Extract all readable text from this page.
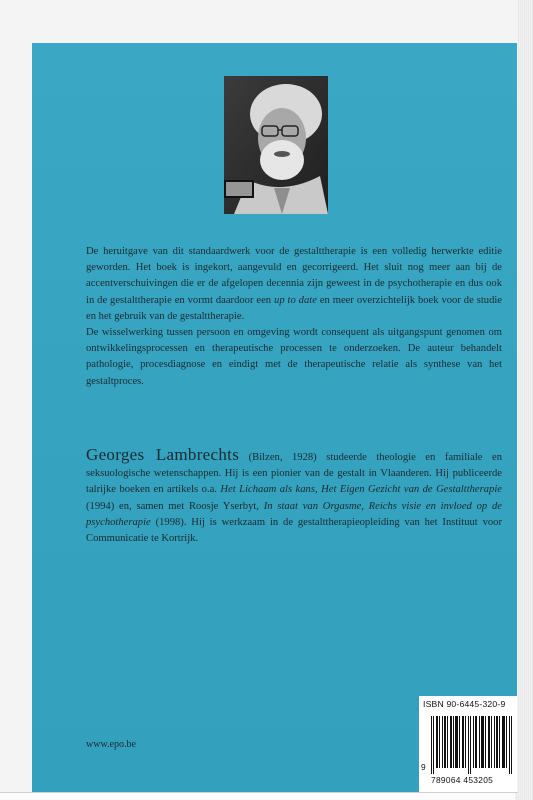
De heruitgave van dit standaardwerk voor de gestalttherapie is een volledig herwerkte editie geworden. Het boek is ingekort, aangevuld en gecorrigeerd. Het sluit nog meer aan bij de accentverschuivingen die er de afgelopen decennia zijn geweest in de psychotherapie en dus ook in de gestalttherapie en vormt daardoor een up to date en meer overzichtelijk boek voor de studie en het gebruik van de gestalttherapie.

De wisselwerking tussen persoon en omgeving wordt consequent als uitgangspunt genomen om ontwikkelingsprocessen en therapeutische processen te onderzoeken. De auteur behandelt pathologie, procesdiagnose en eindigt met de therapeutische relatie als synthese van het gestaltproces.

Georges Lambrechts (Bilzen, 1928) studeerde theologie en familiale en seksuologische wetenschappen. Hij is een pionier van de gestalt in Vlaanderen. Hij publiceerde talrijke boeken en artikels o.a. Het Lichaam als kans, Het Eigen Gezicht van de Gestalttherapie (1994) en, samen met Roosje Yserbyt, In staat van Orgasme, Reichs visie en invloed op de psychotherapie (1998). Hij is werkzaam in de gestalttherapieopleiding van het Instituut voor Communicatie te Kortrijk.

www.epo.be
ISBN 90-6445-320-9
9
789064 453205
